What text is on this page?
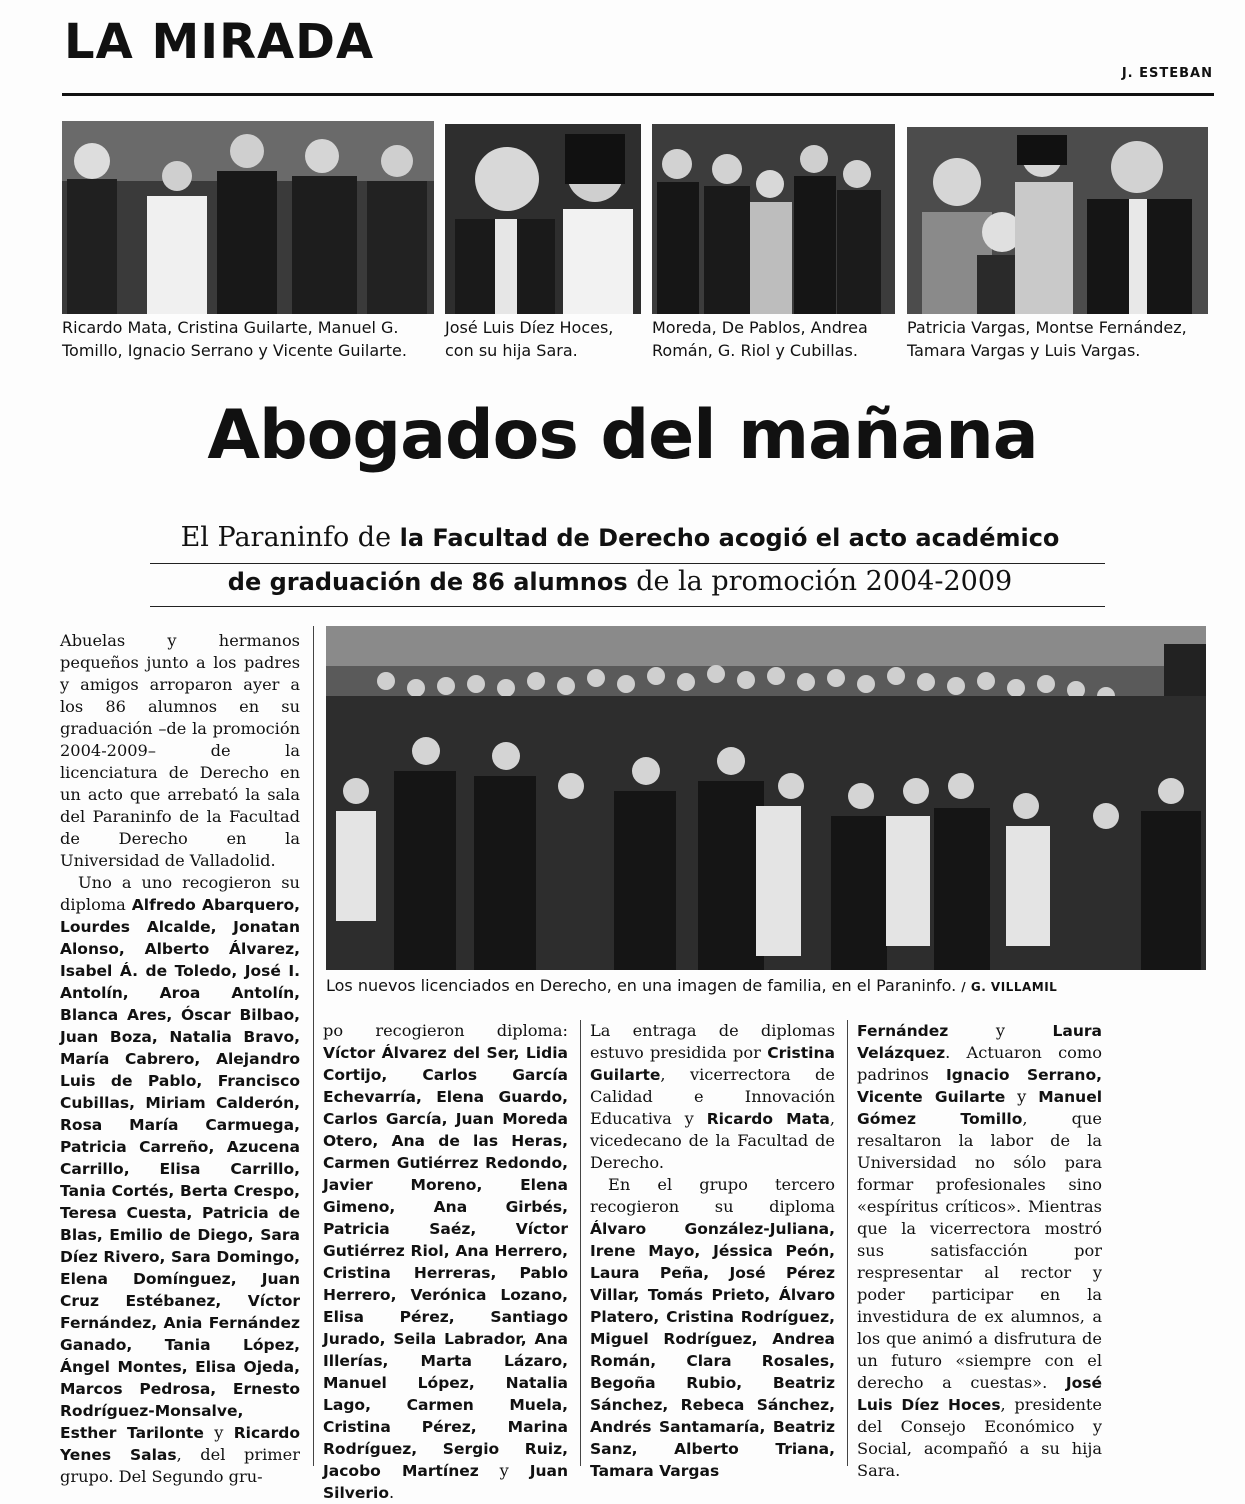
LA MIRADA
J. ESTEBAN
Ricardo Mata, Cristina Guilarte, Manuel G. Tomillo, Ignacio Serrano y Vicente Guilarte.
José Luis Díez Hoces, con su hija Sara.
Moreda, De Pablos, Andrea Román, G. Riol y Cubillas.
Patricia Vargas, Montse Fernández, Tamara Vargas y Luis Vargas.
Abogados del mañana
El Paraninfo de la Facultad de Derecho acogió el acto académico
de graduación de 86 alumnos de la promoción 2004-2009
Los nuevos licenciados en Derecho, en una imagen de familia, en el Paraninfo. / G. VILLAMIL

Abuelas y hermanos pequeños junto a los padres y amigos arroparon ayer a los 86 alumnos en su graduación –de la promoción 2004-2009– de la licenciatura de Derecho en un acto que arrebató la sala del Paraninfo de la Facultad de Derecho en la Universidad de Valladolid.

Uno a uno recogieron su diploma Alfredo Abarquero, Lourdes Alcalde, Jonatan Alonso, Alberto Álvarez, Isabel Á. de Toledo, José I. Antolín, Aroa Antolín, Blanca Ares, Óscar Bilbao, Juan Boza, Natalia Bravo, María Cabrero, Alejandro Luis de Pablo, Francisco Cubillas, Miriam Calderón, Rosa María Carmuega, Patricia Carreño, Azucena Carrillo, Elisa Carrillo, Tania Cortés, Berta Crespo, Teresa Cuesta, Patricia de Blas, Emilio de Diego, Sara Díez Rivero, Sara Domingo, Elena Domínguez, Juan Cruz Estébanez, Víctor Fernández, Ania Fernández Ganado, Tania López, Ángel Montes, Elisa Ojeda, Marcos Pedrosa, Ernesto Rodríguez-Monsalve, Esther Tarilonte y Ricardo Yenes Salas, del primer grupo. Del Segundo gru-

po recogieron diploma: Víctor Álvarez del Ser, Lidia Cortijo, Carlos García Echevarría, Elena Guardo, Carlos García, Juan Moreda Otero, Ana de las Heras, Carmen Gutiérrez Redondo, Javier Moreno, Elena Gimeno, Ana Girbés, Patricia Saéz, Víctor Gutiérrez Riol, Ana Herrero, Cristina Herreras, Pablo Herrero, Verónica Lozano, Elisa Pérez, Santiago Jurado, Seila Labrador, Ana Illerías, Marta Lázaro, Manuel López, Natalia Lago, Carmen Muela, Cristina Pérez, Marina Rodríguez, Sergio Ruiz, Jacobo Martínez y Juan Silverio.

La entraga de diplomas estuvo presidida por Cristina Guilarte, vicerrectora de Calidad e Innovación Educativa y Ricardo Mata, vicedecano de la Facultad de Derecho.

En el grupo tercero recogieron su diploma Álvaro González-Juliana, Irene Mayo, Jéssica Peón, Laura Peña, José Pérez Villar, Tomás Prieto, Álvaro Platero, Cristina Rodríguez, Miguel Rodríguez, Andrea Román, Clara Rosales, Begoña Rubio, Beatriz Sánchez, Rebeca Sánchez, Andrés Santamaría, Beatriz Sanz, Alberto Triana, Tamara Vargas

Fernández y Laura Velázquez. Actuaron como padrinos Ignacio Serrano, Vicente Guilarte y Manuel Gómez Tomillo, que resaltaron la labor de la Universidad no sólo para formar profesionales sino «espíritus críticos». Mientras que la vicerrectora mostró sus satisfacción por respresentar al rector y poder participar en la investidura de ex alumnos, a los que animó a disfrutura de un futuro «siempre con el derecho a cuestas». José Luis Díez Hoces, presidente del Consejo Económico y Social, acompañó a su hija Sara.
